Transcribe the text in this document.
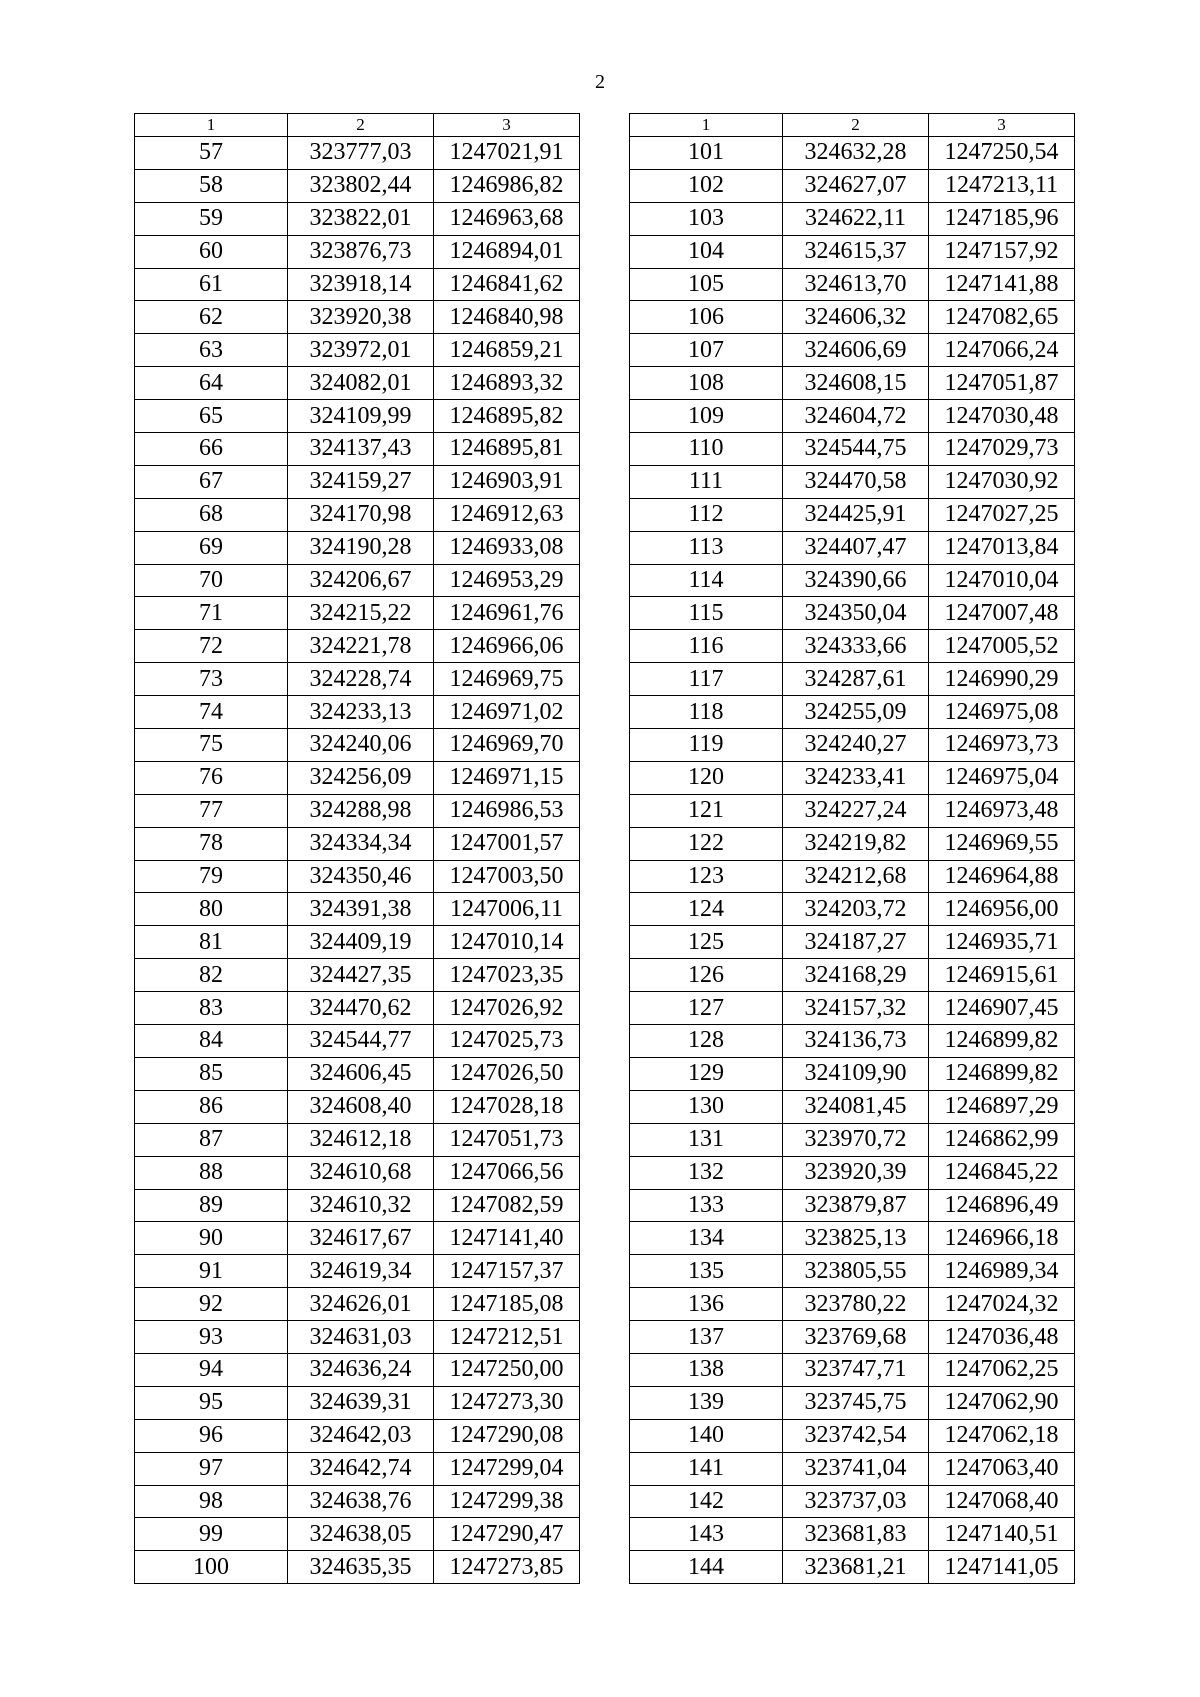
2
1	2	3
57	323777,03	1247021,91
58	323802,44	1246986,82
59	323822,01	1246963,68
60	323876,73	1246894,01
61	323918,14	1246841,62
62	323920,38	1246840,98
63	323972,01	1246859,21
64	324082,01	1246893,32
65	324109,99	1246895,82
66	324137,43	1246895,81
67	324159,27	1246903,91
68	324170,98	1246912,63
69	324190,28	1246933,08
70	324206,67	1246953,29
71	324215,22	1246961,76
72	324221,78	1246966,06
73	324228,74	1246969,75
74	324233,13	1246971,02
75	324240,06	1246969,70
76	324256,09	1246971,15
77	324288,98	1246986,53
78	324334,34	1247001,57
79	324350,46	1247003,50
80	324391,38	1247006,11
81	324409,19	1247010,14
82	324427,35	1247023,35
83	324470,62	1247026,92
84	324544,77	1247025,73
85	324606,45	1247026,50
86	324608,40	1247028,18
87	324612,18	1247051,73
88	324610,68	1247066,56
89	324610,32	1247082,59
90	324617,67	1247141,40
91	324619,34	1247157,37
92	324626,01	1247185,08
93	324631,03	1247212,51
94	324636,24	1247250,00
95	324639,31	1247273,30
96	324642,03	1247290,08
97	324642,74	1247299,04
98	324638,76	1247299,38
99	324638,05	1247290,47
100	324635,35	1247273,85
1	2	3
101	324632,28	1247250,54
102	324627,07	1247213,11
103	324622,11	1247185,96
104	324615,37	1247157,92
105	324613,70	1247141,88
106	324606,32	1247082,65
107	324606,69	1247066,24
108	324608,15	1247051,87
109	324604,72	1247030,48
110	324544,75	1247029,73
111	324470,58	1247030,92
112	324425,91	1247027,25
113	324407,47	1247013,84
114	324390,66	1247010,04
115	324350,04	1247007,48
116	324333,66	1247005,52
117	324287,61	1246990,29
118	324255,09	1246975,08
119	324240,27	1246973,73
120	324233,41	1246975,04
121	324227,24	1246973,48
122	324219,82	1246969,55
123	324212,68	1246964,88
124	324203,72	1246956,00
125	324187,27	1246935,71
126	324168,29	1246915,61
127	324157,32	1246907,45
128	324136,73	1246899,82
129	324109,90	1246899,82
130	324081,45	1246897,29
131	323970,72	1246862,99
132	323920,39	1246845,22
133	323879,87	1246896,49
134	323825,13	1246966,18
135	323805,55	1246989,34
136	323780,22	1247024,32
137	323769,68	1247036,48
138	323747,71	1247062,25
139	323745,75	1247062,90
140	323742,54	1247062,18
141	323741,04	1247063,40
142	323737,03	1247068,40
143	323681,83	1247140,51
144	323681,21	1247141,05
